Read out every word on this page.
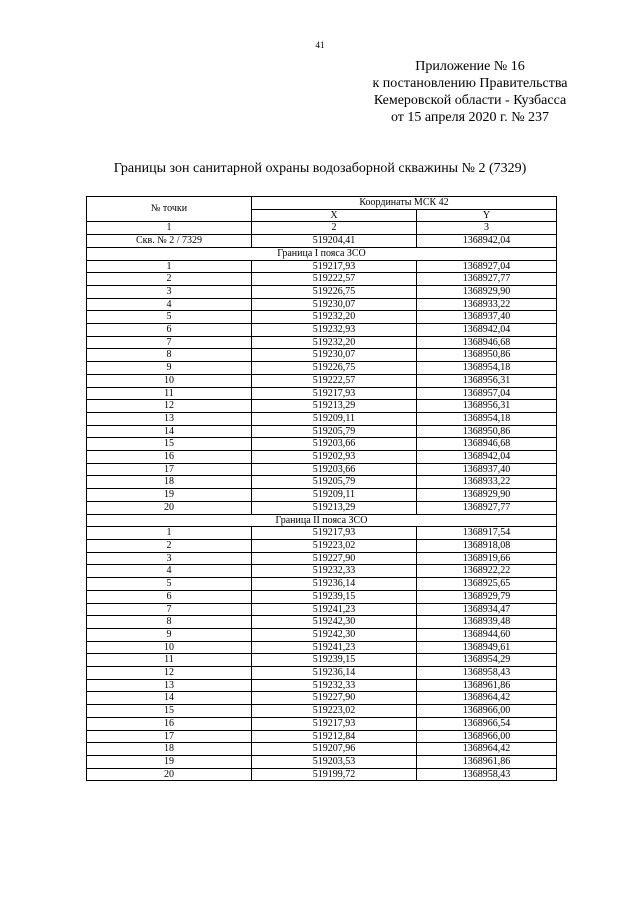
41
Приложение № 16
к постановлению Правительства
Кемеровской области - Кузбасса
от 15 апреля 2020 г. № 237
Границы зон санитарной охраны водозаборной скважины № 2 (7329)
№ точки	Координаты МСК 42	
	X	Y
1	2	3
Скв. № 2 / 7329	519204,41	1368942,04
Граница I пояса ЗСО		
1	519217,93	1368927,04
2	519222,57	1368927,77
3	519226,75	1368929,90
4	519230,07	1368933,22
5	519232,20	1368937,40
6	519232,93	1368942,04
7	519232,20	1368946,68
8	519230,07	1368950,86
9	519226,75	1368954,18
10	519222,57	1368956,31
11	519217,93	1368957,04
12	519213,29	1368956,31
13	519209,11	1368954,18
14	519205,79	1368950,86
15	519203,66	1368946,68
16	519202,93	1368942,04
17	519203,66	1368937,40
18	519205,79	1368933,22
19	519209,11	1368929,90
20	519213,29	1368927,77
Граница II пояса ЗСО		
1	519217,93	1368917,54
2	519223,02	1368918,08
3	519227,90	1368919,66
4	519232,33	1368922,22
5	519236,14	1368925,65
6	519239,15	1368929,79
7	519241,23	1368934,47
8	519242,30	1368939,48
9	519242,30	1368944,60
10	519241,23	1368949,61
11	519239,15	1368954,29
12	519236,14	1368958,43
13	519232,33	1368961,86
14	519227,90	1368964,42
15	519223,02	1368966,00
16	519217,93	1368966,54
17	519212,84	1368966,00
18	519207,96	1368964,42
19	519203,53	1368961,86
20	519199,72	1368958,43
